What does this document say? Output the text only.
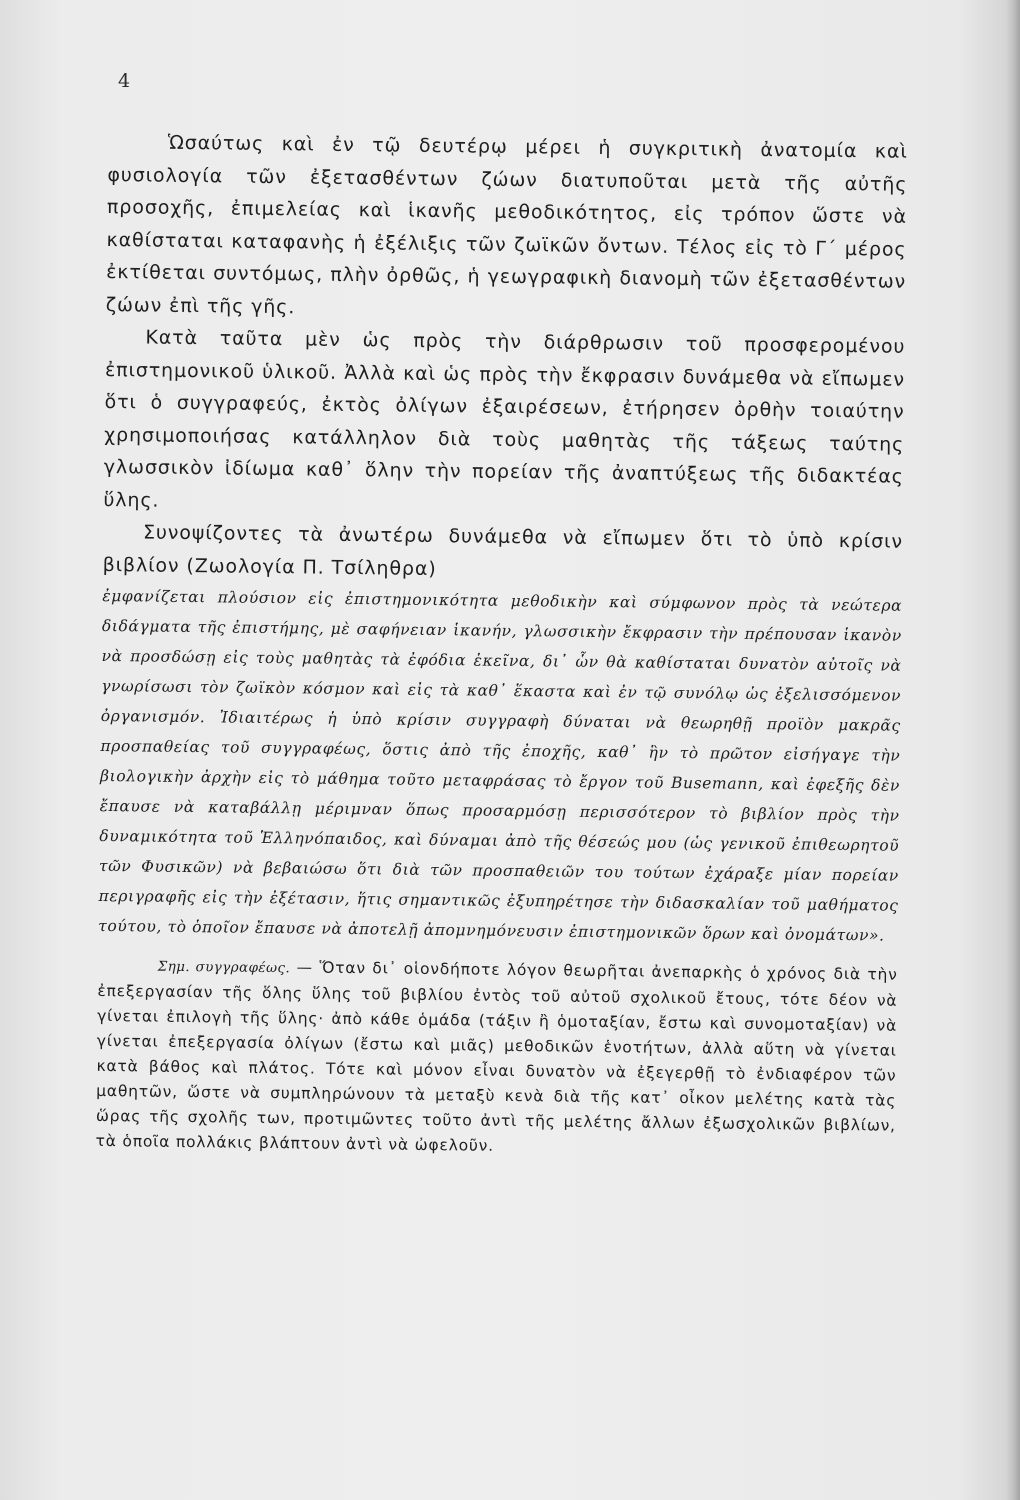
4

Ὡσαύτως καὶ ἐν τῷ δευτέρῳ μέρει ἡ συγκριτικὴ ἀνατομία καὶ φυσιολογία τῶν ἐξετασθέντων ζώων διατυποῦται μετὰ τῆς αὐτῆς προσοχῆς, ἐπιμελείας καὶ ἱκανῆς μεθοδικότητος, εἰς τρόπον ὥστε νὰ καθίσταται καταφανὴς ἡ ἐξέλιξις τῶν ζωϊκῶν ὄντων. Τέλος εἰς τὸ Γ΄ μέρος ἐκτίθεται συντόμως, πλὴν ὀρθῶς, ἡ γεωγραφικὴ διανομὴ τῶν ἐξετασθέντων ζώων ἐπὶ τῆς γῆς.

Κατὰ ταῦτα μὲν ὡς πρὸς τὴν διάρθρωσιν τοῦ προσφερομένου ἐπιστημονικοῦ ὑλικοῦ. Ἀλλὰ καὶ ὡς πρὸς τὴν ἔκφρασιν δυνάμεθα νὰ εἴπωμεν ὅτι ὁ συγγραφεύς, ἐκτὸς ὀλίγων ἐξαιρέσεων, ἐτήρησεν ὀρθὴν τοιαύτην χρησιμοποιήσας κατάλληλον διὰ τοὺς μαθητὰς τῆς τάξεως ταύτης γλωσσικὸν ἰδίωμα καθ᾿ ὅλην τὴν πορείαν τῆς ἀναπτύξεως τῆς διδακτέας ὕλης.

Συνοψίζοντες τὰ ἀνωτέρω δυνάμεθα νὰ εἴπωμεν ὅτι τὸ ὑπὸ κρίσιν βιβλίον (Ζωολογία Π. Τσίληθρα)

ἐμφανίζεται πλούσιον εἰς ἐπιστημονικότητα μεθοδικὴν καὶ σύμφωνον πρὸς τὰ νεώτερα διδάγματα τῆς ἐπιστήμης, μὲ σαφήνειαν ἱκανήν, γλωσσικὴν ἔκφρασιν τὴν πρέπουσαν ἱκανὸν νὰ προσδώσῃ εἰς τοὺς μαθητὰς τὰ ἐφόδια ἐκεῖνα, δι᾿ ὧν θὰ καθίσταται δυνατὸν αὐτοῖς νὰ γνωρίσωσι τὸν ζωϊκὸν κόσμον καὶ εἰς τὰ καθ᾿ ἕκαστα καὶ ἐν τῷ συνόλῳ ὡς ἐξελισσόμενον ὀργανισμόν. Ἰδιαιτέρως ἡ ὑπὸ κρίσιν συγγραφὴ δύναται νὰ θεωρηθῇ προϊὸν μακρᾶς προσπαθείας τοῦ συγγραφέως, ὅστις ἀπὸ τῆς ἐποχῆς, καθ᾿ ἣν τὸ πρῶτον εἰσήγαγε τὴν βιολογικὴν ἀρχὴν εἰς τὸ μάθημα τοῦτο μεταφράσας τὸ ἔργον τοῦ Busemann, καὶ ἐφεξῆς δὲν ἔπαυσε νὰ καταβάλλῃ μέριμναν ὅπως προσαρμόσῃ περισσότερον τὸ βιβλίον πρὸς τὴν δυναμικότητα τοῦ Ἑλληνόπαιδος, καὶ δύναμαι ἀπὸ τῆς θέσεώς μου (ὡς γενικοῦ ἐπιθεωρητοῦ τῶν Φυσικῶν) νὰ βεβαιώσω ὅτι διὰ τῶν προσπαθειῶν του τούτων ἐχάραξε μίαν πορείαν περιγραφῆς εἰς τὴν ἐξέτασιν, ἥτις σημαντικῶς ἐξυπηρέτησε τὴν διδασκαλίαν τοῦ μαθήματος τούτου, τὸ ὁποῖον ἔπαυσε νὰ ἀποτελῇ ἀπομνημόνευσιν ἐπιστημονικῶν ὅρων καὶ ὀνομάτων».

Σημ. συγγραφέως. — Ὅταν δι᾿ οἱονδήποτε λόγον θεωρῆται ἀνεπαρκὴς ὁ χρόνος διὰ τὴν ἐπεξεργασίαν τῆς ὅλης ὕλης τοῦ βιβλίου ἐντὸς τοῦ αὐτοῦ σχολικοῦ ἔτους, τότε δέον νὰ γίνεται ἐπιλογὴ τῆς ὕλης· ἀπὸ κάθε ὁμάδα (τάξιν ἢ ὁμοταξίαν, ἔστω καὶ συνομοταξίαν) νὰ γίνεται ἐπεξεργασία ὀλίγων (ἔστω καὶ μιᾶς) μεθοδικῶν ἑνοτήτων, ἀλλὰ αὕτη νὰ γίνεται κατὰ βάθος καὶ πλάτος. Τότε καὶ μόνον εἶναι δυνατὸν νὰ ἐξεγερθῇ τὸ ἐνδιαφέρον τῶν μαθητῶν, ὥστε νὰ συμπληρώνουν τὰ μεταξὺ κενὰ διὰ τῆς κατ᾿ οἶκον μελέτης κατὰ τὰς ὥρας τῆς σχολῆς των, προτιμῶντες τοῦτο ἀντὶ τῆς μελέτης ἄλλων ἐξωσχολικῶν βιβλίων, τὰ ὁποῖα πολλάκις βλάπτουν ἀντὶ νὰ ὠφελοῦν.
